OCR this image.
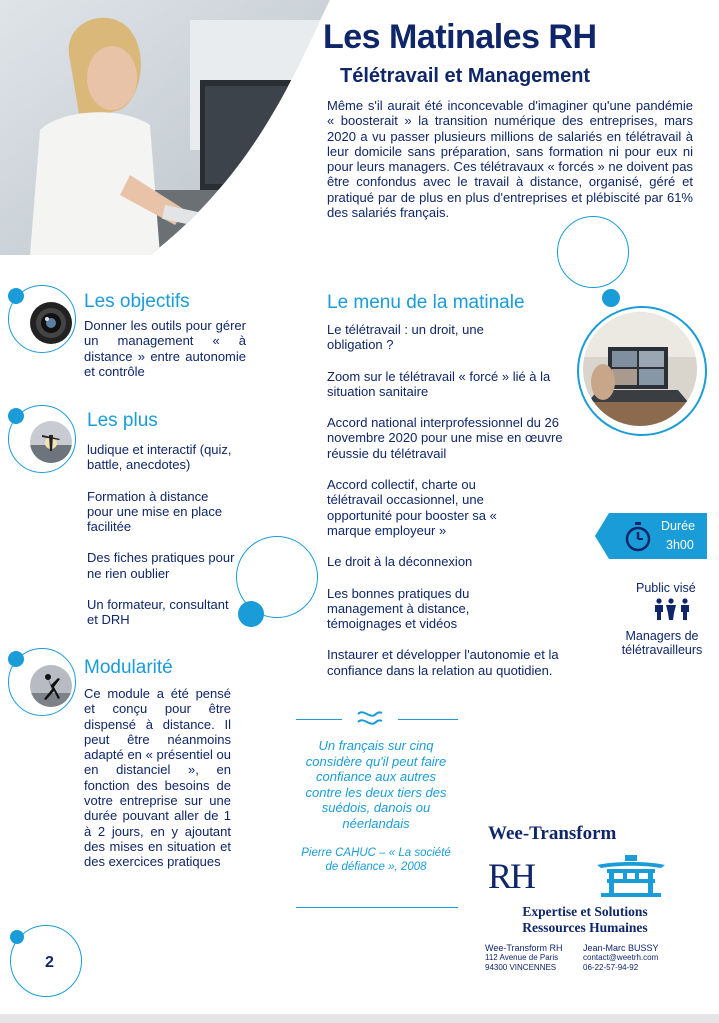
Les Matinales RH
Télétravail et Management
Même s'il aurait été inconcevable d'imaginer qu'une pandémie « boosterait » la transition numérique des entreprises, mars 2020 a vu passer plusieurs millions de salariés en télétravail à leur domicile sans préparation, sans formation ni pour eux ni pour leurs managers. Ces télétravaux « forcés » ne doivent pas être confondus avec le travail à distance, organisé, géré et pratiqué par de plus en plus d'entreprises et plébiscité par 61% des salariés français.
Les objectifs
Donner les outils pour gérer un management « à distance » entre autonomie et contrôle
Les plus
ludique et interactif (quiz, battle, anecdotes)
Formation à distance pour une mise en place facilitée
Des fiches pratiques pour ne rien oublier
Un formateur, consultant et DRH
Modularité
Ce module a été pensé et conçu pour être dispensé à distance. Il peut être néanmoins adapté en « présentiel ou en distanciel », en fonction des besoins de votre entreprise sur une durée pouvant aller de 1 à 2 jours, en y ajoutant des mises en situation et des exercices pratiques
Le menu de la matinale
Le télétravail : un droit, une obligation ?
Zoom sur le télétravail « forcé » lié à la situation sanitaire
Accord national interprofessionnel du 26 novembre 2020 pour une mise en œuvre réussie du télétravail
Accord collectif, charte ou télétravail occasionnel, une opportunité pour booster sa « marque employeur »
Le droit à la déconnexion
Les bonnes pratiques du management à distance, témoignages et vidéos
Instaurer et développer l'autonomie et la confiance dans la relation au quotidien.
Durée
3h00
Public visé
Managers de télétravailleurs
Un français sur cinq considère qu'il peut faire confiance aux autres contre les deux tiers des suédois, danois ou néerlandais
Pierre CAHUC – « La société de défiance », 2008
Wee-Transform
RH
Expertise et Solutions
Ressources Humaines
Wee-Transform RH
112 Avenue de Paris
94300 VINCENNES
Jean-Marc BUSSY
contact@weetrh.com
06-22-57-94-92
2
